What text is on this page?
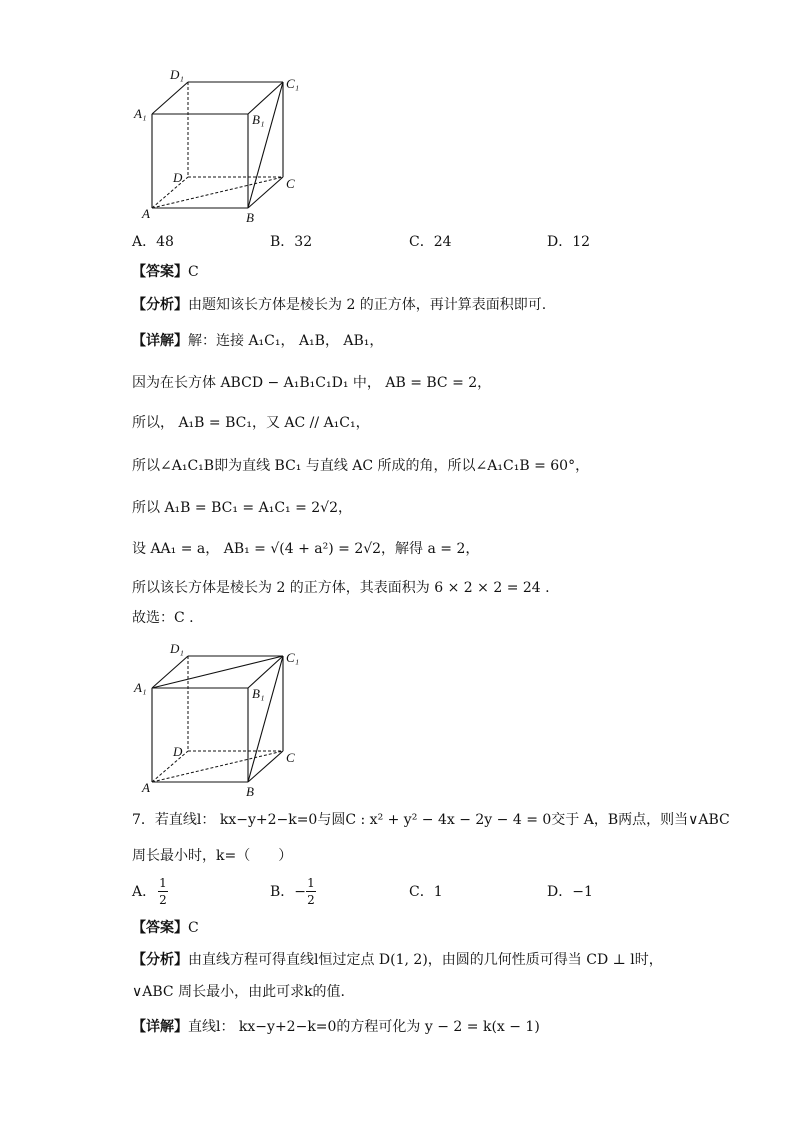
D₁
C₁
A₁	B₁
D	C
A	B
A．48	B．32	C．24	D．12
【答案】C
【分析】由题知该长方体是棱长为 2 的正方体，再计算表面积即可.
【详解】解：连接 A₁C₁， A₁B， AB₁，
因为在长方体 ABCD − A₁B₁C₁D₁ 中， AB = BC = 2，
所以， A₁B = BC₁，又 AC // A₁C₁，
所以∠A₁C₁B即为直线 BC₁ 与直线 AC 所成的角，所以∠A₁C₁B = 60°，
所以 A₁B = BC₁ = A₁C₁ = 2√2，
设 AA₁ = a， AB₁ = √(4 + a²) = 2√2，解得 a = 2，
所以该长方体是棱长为 2 的正方体，其表面积为 6 × 2 × 2 = 24 .
故选：C .
D₁
C₁
A₁	B₁
D	C
A	B
7．若直线l： kx−y+2−k=0与圆C : x² + y² − 4x − 2y − 4 = 0交于 A，B两点，则当∨ABC
周长最小时，k=（　　）
A．
1
2	B．−
1
2	C．1	D．−1
【答案】C
【分析】由直线方程可得直线l恒过定点 D(1, 2)，由圆的几何性质可得当 CD ⊥ l时，
∨ABC 周长最小，由此可求k的值.
【详解】直线l： kx−y+2−k=0的方程可化为 y − 2 = k(x − 1)
